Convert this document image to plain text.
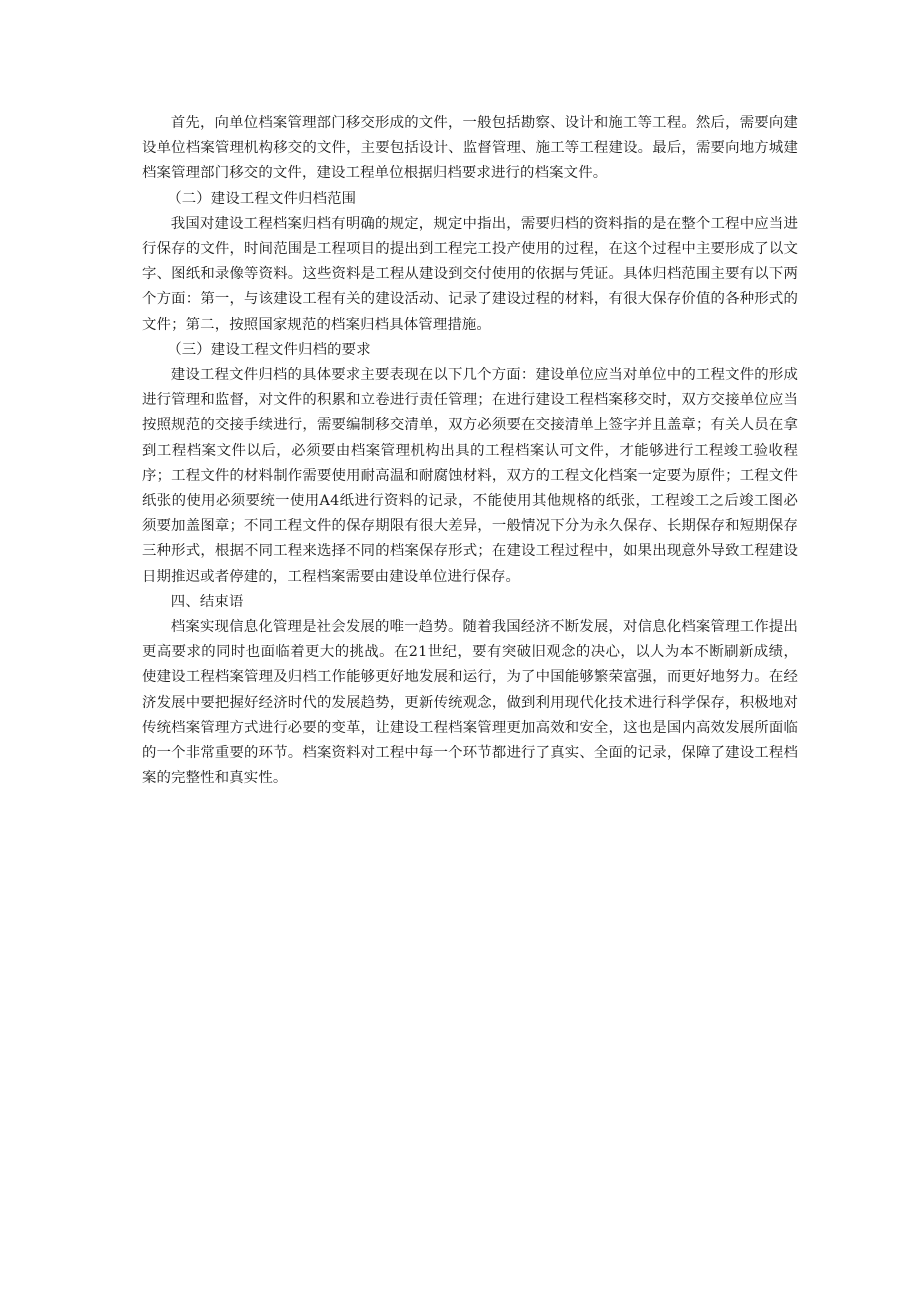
首先，向单位档案管理部门移交形成的文件，一般包括勘察、设计和施工等工程。然后，需要向建设单位档案管理机构移交的文件，主要包括设计、监督管理、施工等工程建设。最后，需要向地方城建档案管理部门移交的文件，建设工程单位根据归档要求进行的档案文件。

（二）建设工程文件归档范围

我国对建设工程档案归档有明确的规定，规定中指出，需要归档的资料指的是在整个工程中应当进行保存的文件，时间范围是工程项目的提出到工程完工投产使用的过程，在这个过程中主要形成了以文字、图纸和录像等资料。这些资料是工程从建设到交付使用的依据与凭证。具体归档范围主要有以下两个方面：第一，与该建设工程有关的建设活动、记录了建设过程的材料，有很大保存价值的各种形式的文件；第二，按照国家规范的档案归档具体管理措施。

（三）建设工程文件归档的要求

建设工程文件归档的具体要求主要表现在以下几个方面：建设单位应当对单位中的工程文件的形成进行管理和监督，对文件的积累和立卷进行责任管理；在进行建设工程档案移交时，双方交接单位应当按照规范的交接手续进行，需要编制移交清单，双方必须要在交接清单上签字并且盖章；有关人员在拿到工程档案文件以后，必须要由档案管理机构出具的工程档案认可文件，才能够进行工程竣工验收程序；工程文件的材料制作需要使用耐高温和耐腐蚀材料，双方的工程文化档案一定要为原件；工程文件纸张的使用必须要统一使用A4纸进行资料的记录，不能使用其他规格的纸张，工程竣工之后竣工图必须要加盖图章；不同工程文件的保存期限有很大差异，一般情况下分为永久保存、长期保存和短期保存三种形式，根据不同工程来选择不同的档案保存形式；在建设工程过程中，如果出现意外导致工程建设日期推迟或者停建的，工程档案需要由建设单位进行保存。

四、结束语

档案实现信息化管理是社会发展的唯一趋势。随着我国经济不断发展，对信息化档案管理工作提出更高要求的同时也面临着更大的挑战。在21世纪，要有突破旧观念的决心，以人为本不断刷新成绩，使建设工程档案管理及归档工作能够更好地发展和运行，为了中国能够繁荣富强，而更好地努力。在经济发展中要把握好经济时代的发展趋势，更新传统观念，做到利用现代化技术进行科学保存，积极地对传统档案管理方式进行必要的变革，让建设工程档案管理更加高效和安全，这也是国内高效发展所面临的一个非常重要的环节。档案资料对工程中每一个环节都进行了真实、全面的记录，保障了建设工程档案的完整性和真实性。
